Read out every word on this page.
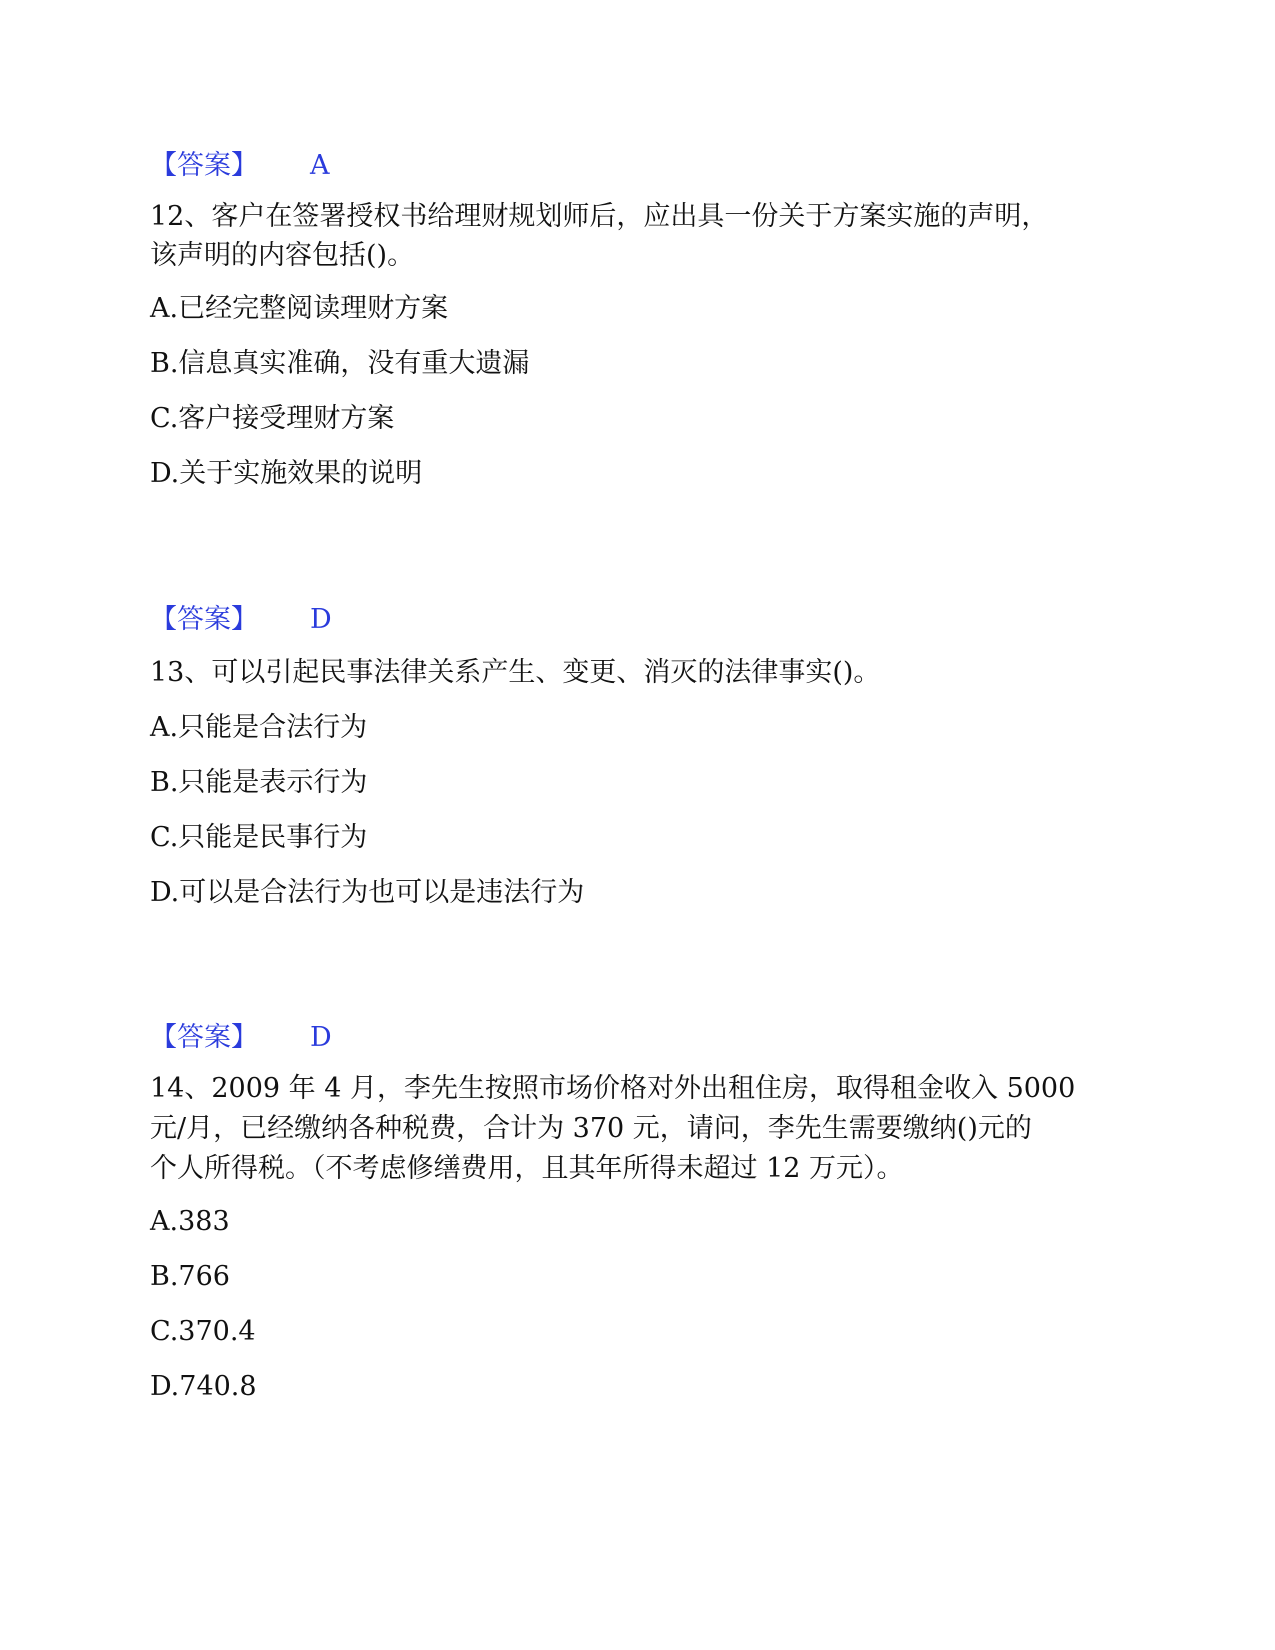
【答案】 A
12、客户在签署授权书给理财规划师后，应出具一份关于方案实施的声明，
该声明的内容包括()。
A.已经完整阅读理财方案
B.信息真实准确，没有重大遗漏
C.客户接受理财方案
D.关于实施效果的说明
【答案】 D
13、可以引起民事法律关系产生、变更、消灭的法律事实()。
A.只能是合法行为
B.只能是表示行为
C.只能是民事行为
D.可以是合法行为也可以是违法行为
【答案】 D
14、2009 年 4 月，李先生按照市场价格对外出租住房，取得租金收入 5000
元/月，已经缴纳各种税费，合计为 370 元，请问，李先生需要缴纳()元的
个人所得税。（不考虑修缮费用，且其年所得未超过 12 万元）。
A.383
B.766
C.370.4
D.740.8
